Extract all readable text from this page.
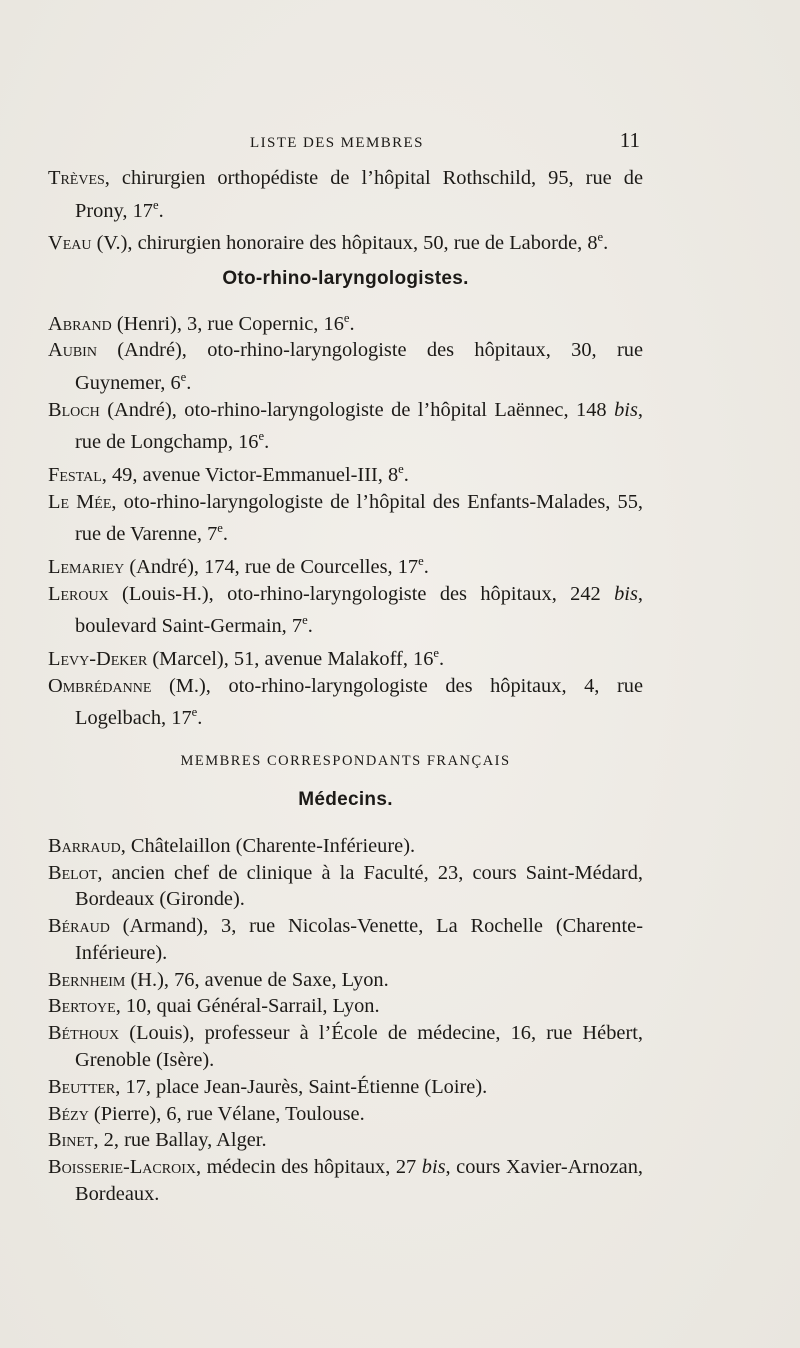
LISTE DES MEMBRES	11

Trèves, chirurgien orthopédiste de l’hôpital Rothschild, 95, rue de Prony, 17e.

Veau (V.), chirurgien honoraire des hôpitaux, 50, rue de Laborde, 8e.

Oto-rhino-laryngologistes.

Abrand (Henri), 3, rue Copernic, 16e.

Aubin (André), oto-rhino-laryngologiste des hôpitaux, 30, rue Guynemer, 6e.

Bloch (André), oto-rhino-laryngologiste de l’hôpital Laënnec, 148 bis, rue de Longchamp, 16e.

Festal, 49, avenue Victor-Emmanuel-III, 8e.

Le Mée, oto-rhino-laryngologiste de l’hôpital des Enfants-Malades, 55, rue de Varenne, 7e.

Lemariey (André), 174, rue de Courcelles, 17e.

Leroux (Louis-H.), oto-rhino-laryngologiste des hôpitaux, 242 bis, boulevard Saint-Germain, 7e.

Levy-Deker (Marcel), 51, avenue Malakoff, 16e.

Ombrédanne (M.), oto-rhino-laryngologiste des hôpitaux, 4, rue Logelbach, 17e.

MEMBRES CORRESPONDANTS FRANÇAIS
Médecins.

Barraud, Châtelaillon (Charente-Inférieure).

Belot, ancien chef de clinique à la Faculté, 23, cours Saint-Médard, Bordeaux (Gironde).

Béraud (Armand), 3, rue Nicolas-Venette, La Rochelle (Charente-Inférieure).

Bernheim (H.), 76, avenue de Saxe, Lyon.

Bertoye, 10, quai Général-Sarrail, Lyon.

Béthoux (Louis), professeur à l’École de médecine, 16, rue Hébert, Grenoble (Isère).

Beutter, 17, place Jean-Jaurès, Saint-Étienne (Loire).

Bézy (Pierre), 6, rue Vélane, Toulouse.

Binet, 2, rue Ballay, Alger.

Boisserie-Lacroix, médecin des hôpitaux, 27 bis, cours Xavier-Arnozan, Bordeaux.
